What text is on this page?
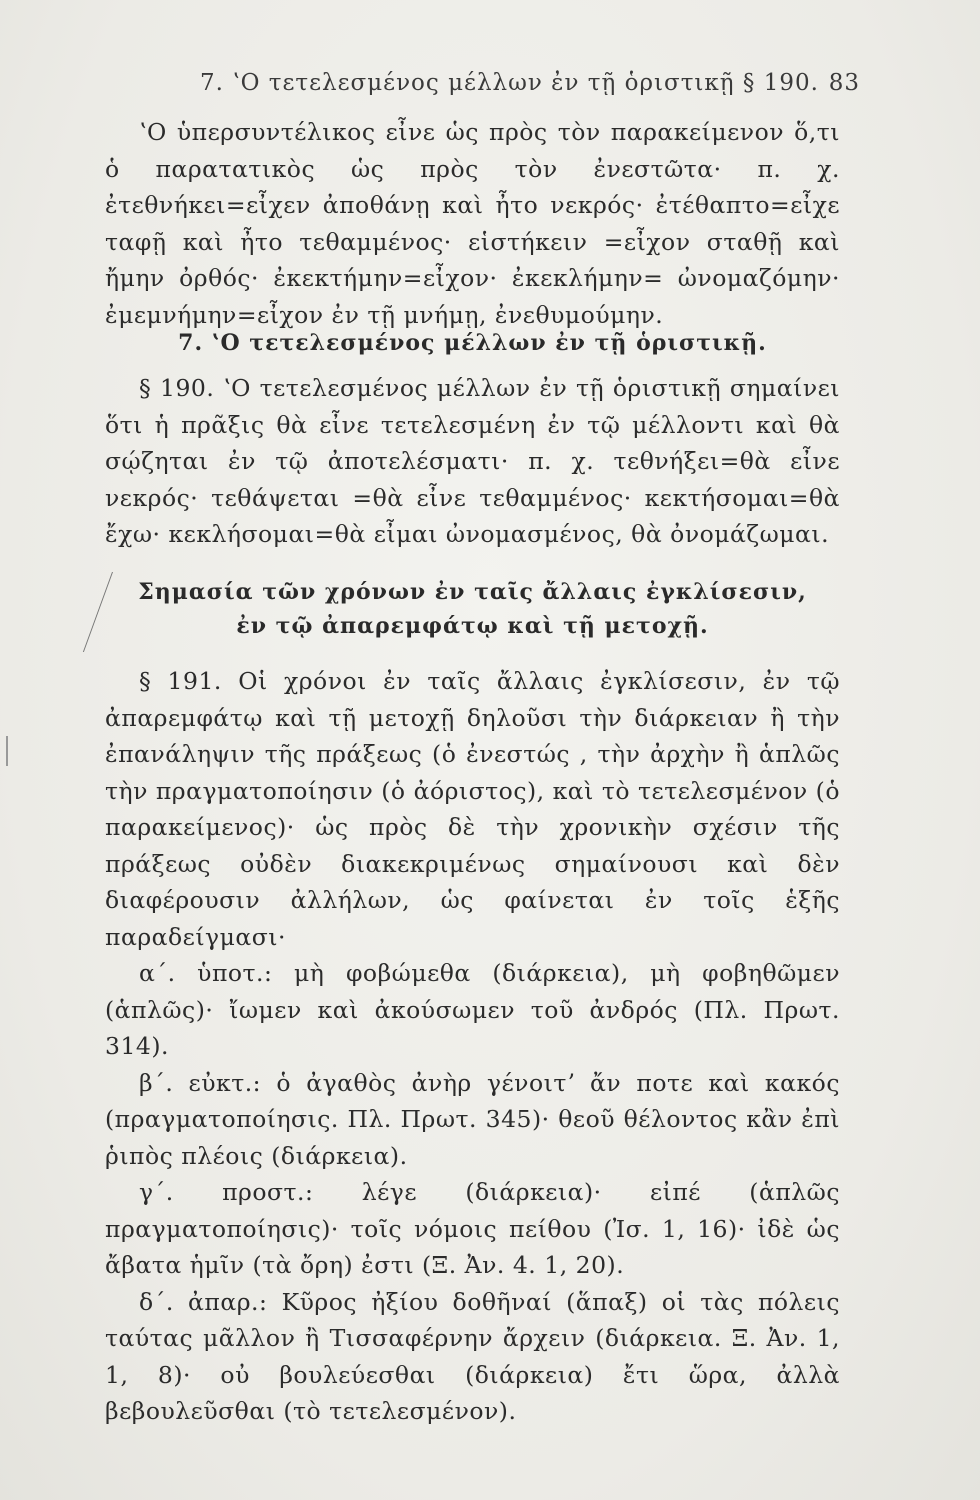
7. ʽΟ τετελεσμένος μέλλων ἐν τῇ ὁριστικῇ § 190. 83

ʽΟ ὑπερσυντέλικος εἶνε ὡς πρὸς τὸν παρακείμενον ὅ,τι ὁ παρατατικὸς ὡς πρὸς τὸν ἐνεστῶτα· π. χ. ἐτεθνήκει=εἶχεν ἀποθάνῃ καὶ ἦτο νεκρός· ἐτέθαπτο=εἶχε ταφῇ καὶ ἦτο τεθαμμένος· εἱστήκειν =εἶχον σταθῇ καὶ ἤμην ὀρθός· ἐκεκτήμην=εἶχον· ἐκεκλήμην= ὠνομαζόμην· ἐμεμνήμην=εἶχον ἐν τῇ μνήμῃ, ἐνεθυμούμην.

7. ʽΟ τετελεσμένος μέλλων ἐν τῇ ὁριστικῇ.

§ 190. ʽΟ τετελεσμένος μέλλων ἐν τῇ ὁριστικῇ σημαίνει ὅτι ἡ πρᾶξις θὰ εἶνε τετελεσμένη ἐν τῷ μέλλοντι καὶ θὰ σῴζηται ἐν τῷ ἀποτελέσματι· π. χ. τεθνήξει=θὰ εἶνε νεκρός· τεθάψεται =θὰ εἶνε τεθαμμένος· κεκτήσομαι=θὰ ἔχω· κεκλήσομαι=θὰ εἶμαι ὠνομασμένος, θὰ ὀνομάζωμαι.

Σημασία τῶν χρόνων ἐν ταῖς ἄλλαις ἐγκλίσεσιν,
ἐν τῷ ἀπαρεμφάτῳ καὶ τῇ μετοχῇ.

§ 191. Οἱ χρόνοι ἐν ταῖς ἄλλαις ἐγκλίσεσιν, ἐν τῷ ἀπαρεμφάτῳ καὶ τῇ μετοχῇ δηλοῦσι τὴν διάρκειαν ἢ τὴν ἐπανάληψιν τῆς πράξεως (ὁ ἐνεστώς , τὴν ἀρχὴν ἢ ἁπλῶς τὴν πραγματοποίησιν (ὁ ἀόριστος), καὶ τὸ τετελεσμένον (ὁ παρακείμενος)· ὡς πρὸς δὲ τὴν χρονικὴν σχέσιν τῆς πράξεως οὐδὲν διακεκριμένως σημαίνουσι καὶ δὲν διαφέρουσιν ἀλλήλων, ὡς φαίνεται ἐν τοῖς ἑξῆς παραδείγμασι·

α΄. ὑποτ.: μὴ φοβώμεθα (διάρκεια), μὴ φοβηθῶμεν (ἁπλῶς)· ἴωμεν καὶ ἀκούσωμεν τοῦ ἀνδρός (Πλ. Πρωτ. 314).

β΄. εὐκτ.: ὁ ἀγαθὸς ἀνὴρ γένοιτʼ ἄν ποτε καὶ κακός (πραγματοποίησις. Πλ. Πρωτ. 345)· θεοῦ θέλοντος κἂν ἐπὶ ῥιπὸς πλέοις (διάρκεια).

γ΄. προστ.: λέγε (διάρκεια)· εἰπέ (ἁπλῶς πραγματοποίησις)· τοῖς νόμοις πείθου (Ἰσ. 1, 16)· ἰδὲ ὡς ἄβατα ἡμῖν (τὰ ὄρη) ἐστι (Ξ. Ἀν. 4. 1, 20).

δ΄. ἀπαρ.: Κῦρος ἠξίου δοθῆναί (ἅπαξ) οἱ τὰς πόλεις ταύτας μᾶλλον ἢ Τισσαφέρνην ἄρχειν (διάρκεια. Ξ. Ἀν. 1, 1, 8)· οὐ βουλεύεσθαι (διάρκεια) ἔτι ὥρα, ἀλλὰ βεβουλεῦσθαι (τὸ τετελεσμένον).
